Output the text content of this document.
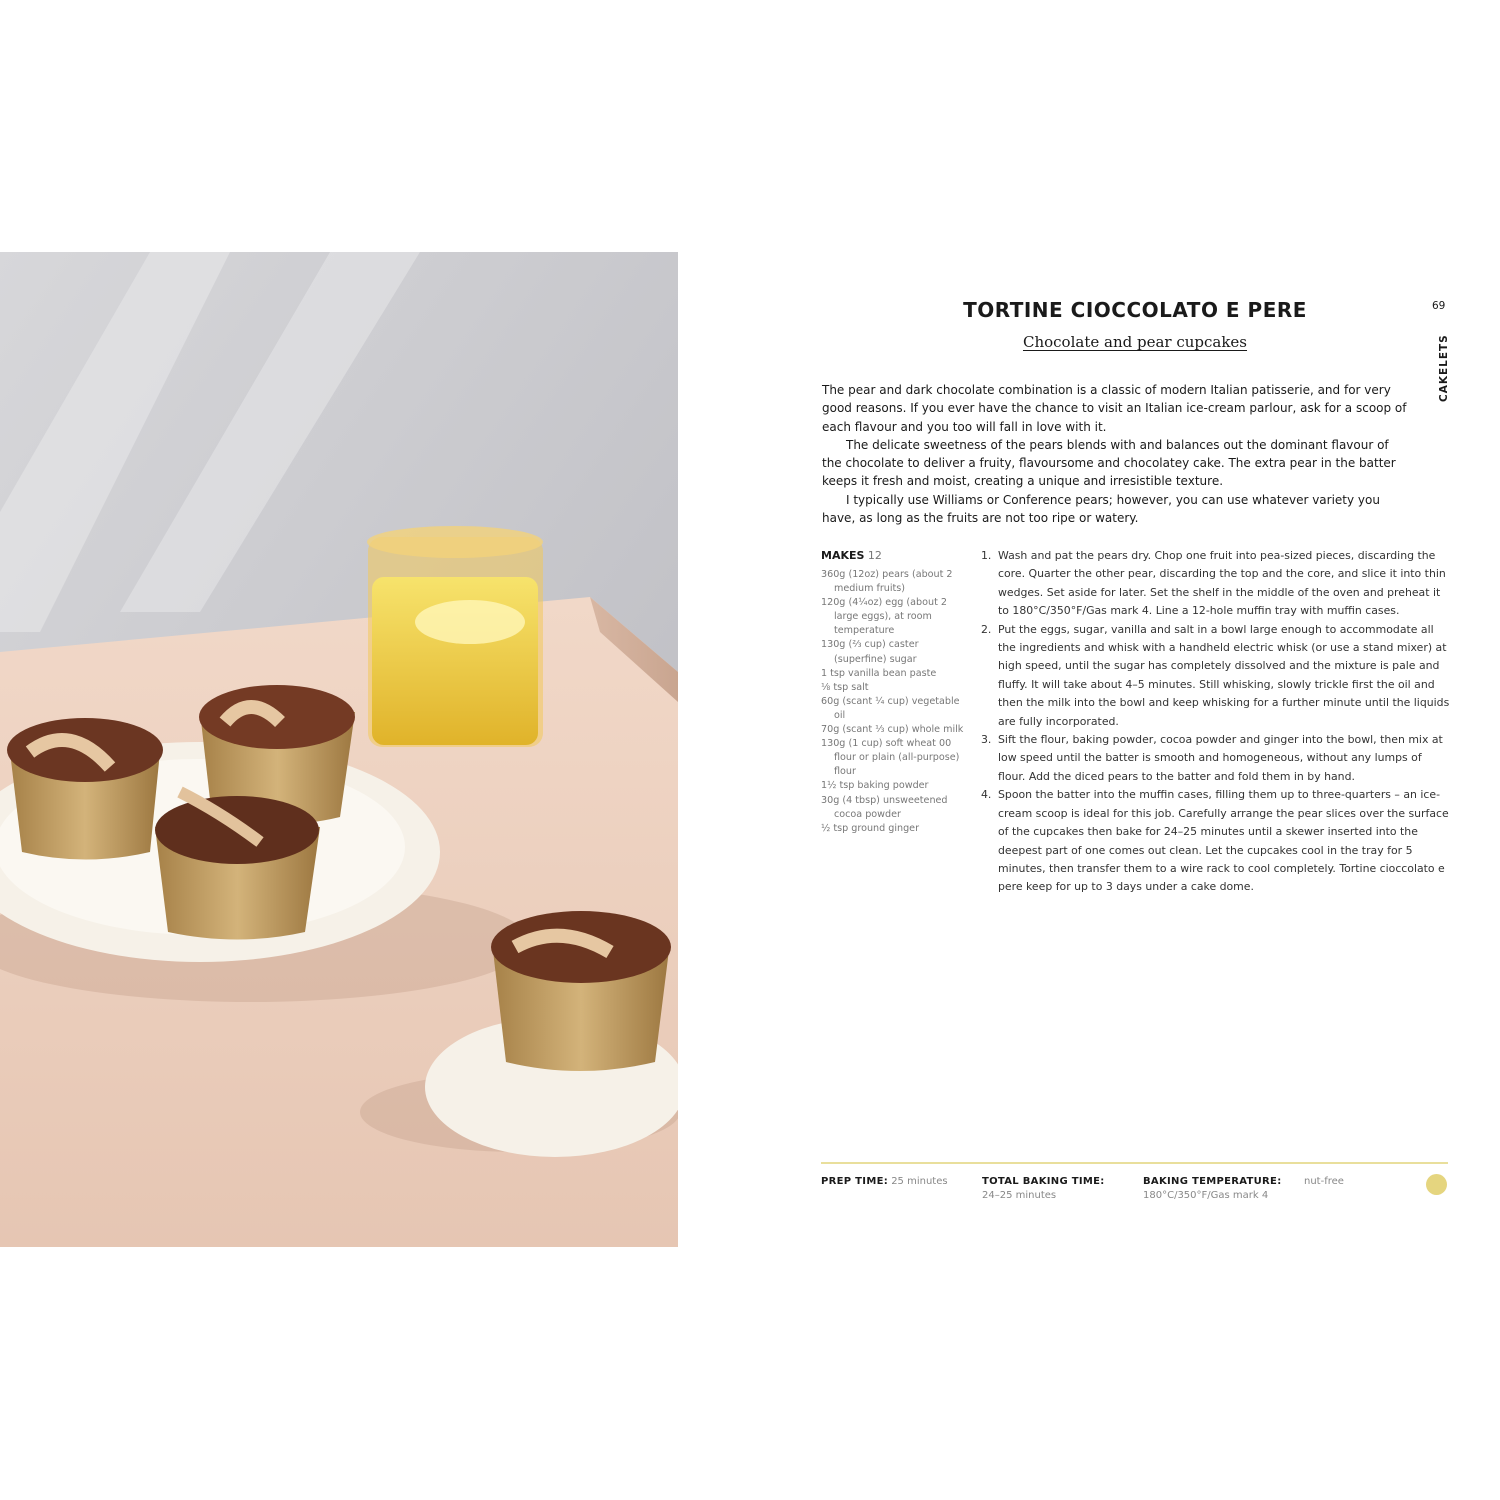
69
CAKELETS
TORTINE CIOCCOLATO E PERE
Chocolate and pear cupcakes

The pear and dark chocolate combination is a classic of modern Italian patisserie, and for very good reasons. If you ever have the chance to visit an Italian ice-cream parlour, ask for a scoop of each flavour and you too will fall in love with it.

The delicate sweetness of the pears blends with and balances out the dominant flavour of the chocolate to deliver a fruity, flavoursome and chocolatey cake. The extra pear in the batter keeps it fresh and moist, creating a unique and irresistible texture.

I typically use Williams or Conference pears; however, you can use whatever variety you have, as long as the fruits are not too ripe or watery.

MAKES 12
360g (12oz) pears (about 2 medium fruits)
120g (4¼oz) egg (about 2 large eggs), at room temperature
130g (⅔ cup) caster (superfine) sugar
1 tsp vanilla bean paste
⅛ tsp salt
60g (scant ¼ cup) vegetable oil
70g (scant ⅓ cup) whole milk
130g (1 cup) soft wheat 00 flour or plain (all-purpose) flour
1½ tsp baking powder
30g (4 tbsp) unsweetened cocoa powder
½ tsp ground ginger
1. Wash and pat the pears dry. Chop one fruit into pea-sized pieces, discarding the core. Quarter the other pear, discarding the top and the core, and slice it into thin wedges. Set aside for later. Set the shelf in the middle of the oven and preheat it to 180°C/350°F/Gas mark 4. Line a 12-hole muffin tray with muffin cases.
2. Put the eggs, sugar, vanilla and salt in a bowl large enough to accommodate all the ingredients and whisk with a handheld electric whisk (or use a stand mixer) at high speed, until the sugar has completely dissolved and the mixture is pale and fluffy. It will take about 4–5 minutes. Still whisking, slowly trickle first the oil and then the milk into the bowl and keep whisking for a further minute until the liquids are fully incorporated.
3. Sift the flour, baking powder, cocoa powder and ginger into the bowl, then mix at low speed until the batter is smooth and homogeneous, without any lumps of flour. Add the diced pears to the batter and fold them in by hand.
4. Spoon the batter into the muffin cases, filling them up to three-quarters – an ice-cream scoop is ideal for this job. Carefully arrange the pear slices over the surface of the cupcakes then bake for 24–25 minutes until a skewer inserted into the deepest part of one comes out clean. Let the cupcakes cool in the tray for 5 minutes, then transfer them to a wire rack to cool completely. Tortine cioccolato e pere keep for up to 3 days under a cake dome.
PREP TIME: 25 minutes	TOTAL BAKING TIME:
24–25 minutes
BAKING TEMPERATURE:
180°C/350°F/Gas mark 4
nut-free
